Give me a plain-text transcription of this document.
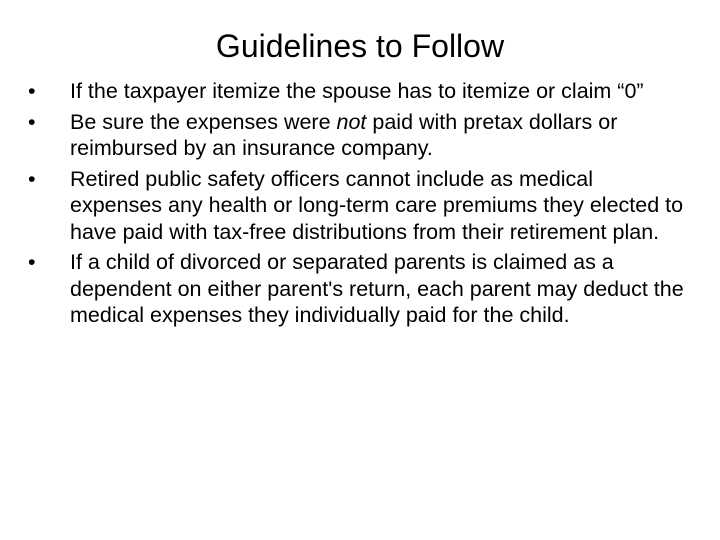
Guidelines to Follow
•	If the taxpayer itemize the spouse has to itemize or claim “0”
•	Be sure the expenses were not paid with pretax dollars or reimbursed by an insurance company.
•	Retired public safety officers cannot include as medical expenses any health or long-term care premiums they elected to have paid with tax-free distributions from their retirement plan.
•	If a child of divorced or separated parents is claimed as a dependent on either parent's return, each parent may deduct the medical expenses they individually paid for the child.
